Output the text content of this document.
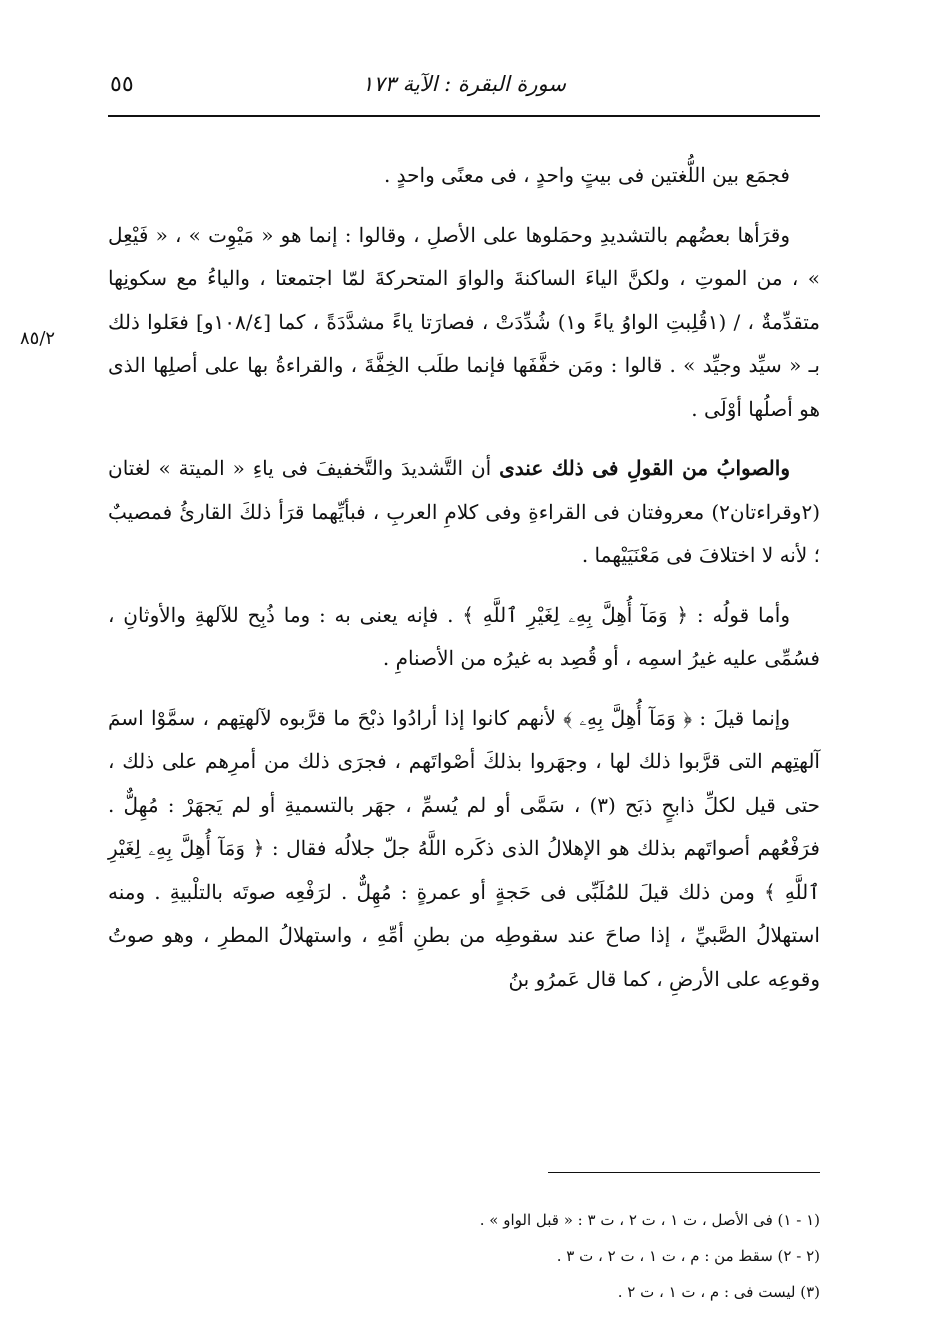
٥٥	سورة البقرة : الآية ١٧٣
٨٥/٢

فجمَع بين اللُّغتين فى بيتٍ واحدٍ ، فى معنًى واحدٍ .

وقرَأها بعضُهم بالتشديدِ وحمَلوها على الأصلِ ، وقالوا : إنما هو « مَيْوِت » ، « فَيْعِل » ، من الموتِ ، ولكنَّ الياءَ الساكنةَ والواوَ المتحركةَ لمّا اجتمعتا ، والياءُ مع سكونِها متقدِّمةٌ ، / (١قُلِبتِ الواوُ ياءً و١) شُدِّدَتْ ، فصارَتا ياءً مشدَّدَةً ، كما [١٠٨/٤و] فعَلوا ذلك بـ « سيِّد وجيِّد » . قالوا : ومَن خفَّفَها فإنما طلَب الخِفَّةَ ، والقراءةُ بها على أصلِها الذى هو أصلُها أوْلَى .

والصوابُ من القولِ فى ذلك عندى أن التَّشديدَ والتَّخفيفَ فى ياءِ « الميتة » لغتان (٢وقراءتان٢) معروفتان فى القراءةِ وفى كلامِ العربِ ، فبأيِّهما قرَأ ذلكَ القارئُ فمصيبٌ ؛ لأنه لا اختلافَ فى مَعْنَيَيْهما .

وأما قولُه : ﴿ وَمَآ أُهِلَّ بِهِۦ لِغَيْرِ ٱللَّهِ ﴾ . فإنه يعنى به : وما ذُبِح للآلهةِ والأوثانِ ، فسُمِّى عليه غيرُ اسمِه ، أو قُصِد به غيرُه من الأصنامِ .

وإنما قيلَ : ﴿ وَمَآ أُهِلَّ بِهِۦ ﴾ لأنهم كانوا إذا أرادُوا ذبْحَ ما قرَّبوه لآلهتِهم ، سمَّوْا اسمَ آلهتِهم التى قرَّبوا ذلك لها ، وجهَروا بذلكَ أصْواتَهم ، فجرَى ذلك من أمرِهم على ذلك ، حتى قيل لكلِّ ذابحٍ ذبَح (٣) ، سَمَّى أو لم يُسمِّ ، جهَر بالتسميةِ أو لم يَجهَرْ : مُهِلٌّ . فرَفْعُهم أصواتَهم بذلك هو الإهلالُ الذى ذكَره اللَّهُ جلّ جلالُه فقال : ﴿ وَمَآ أُهِلَّ بِهِۦ لِغَيْرِ ٱللَّهِ ﴾ ومن ذلك قيلَ للمُلَبِّى فى حَجةٍ أو عمرةٍ : مُهِلٌّ . لرَفْعِه صوتَه بالتلْبيةِ . ومنه استهلالُ الصَّبيِّ ، إذا صاحَ عند سقوطِه من بطنِ أمِّهِ ، واستهلالُ المطرِ ، وهو صوتُ وقوعِه على الأرضِ ، كما قال عَمرُو بنُ

(١ - ١) فى الأصل ، ت ١ ، ت ٢ ، ت ٣ : « قبل الواو » .
(٢ - ٢) سقط من : م ، ت ١ ، ت ٢ ، ت ٣ .
(٣) ليست فى : م ، ت ١ ، ت ٢ .
